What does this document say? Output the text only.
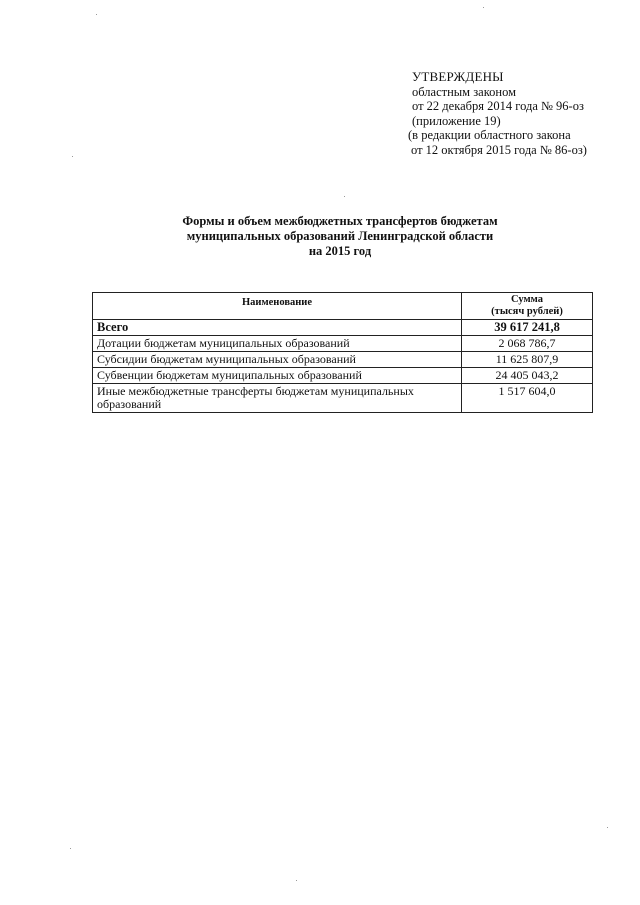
УТВЕРЖДЕНЫ
областным законом
от 22 декабря 2014 года № 96-оз
(приложение 19)
(в редакции областного закона
от 12 октября 2015 года № 86-оз)
Формы и объем межбюджетных трансфертов бюджетам
муниципальных образований Ленинградской области
на 2015 год
Наименование	Сумма
(тысяч рублей)

Всего	39 617 241,8
Дотации бюджетам муниципальных образований	2 068 786,7
Субсидии бюджетам муниципальных образований	11 625 807,9
Субвенции бюджетам муниципальных образований	24 405 043,2
Иные межбюджетные трансферты бюджетам муниципальных образований	1 517 604,0
